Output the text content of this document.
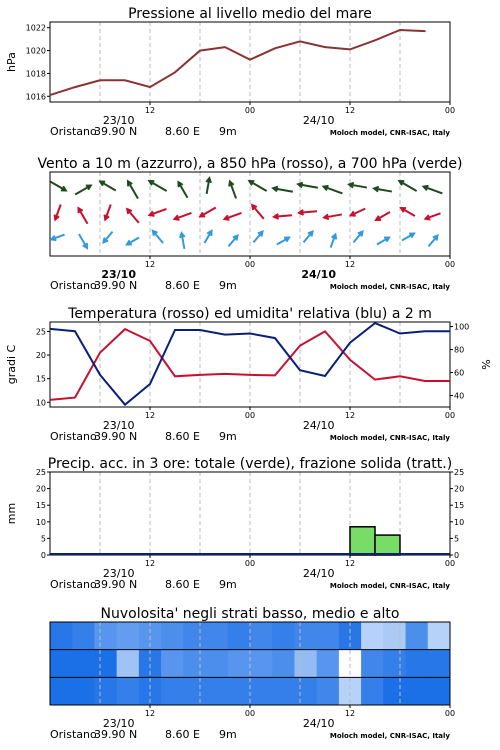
Pressione al livello medio del mare
12	00	12	00
23/10	24/10
Oristano
39.90 N	8.60 E 9m	Moloch model, CNR-ISAC, Italy
1016
1018
1020
1022
hPa
Vento a 10 m (azzurro), a 850 hPa (rosso), a 700 hPa (verde)
12	00	12	00
23/10	24/10
Oristano
39.90 N	8.60 E 9m	Moloch model, CNR-ISAC, Italy
Temperatura (rosso) ed umidita' relativa (blu) a 2 m
12	00	12	00
23/10	24/10
Oristano
39.90 N	8.60 E 9m	Moloch model, CNR-ISAC, Italy
10
15
20
25
40
60
80
100
gradi C	%
Precip. acc. in 3 ore: totale (verde), frazione solida (tratt.)
12	00	12	00
23/10	24/10
Oristano
39.90 N	8.60 E 9m	Moloch model, CNR-ISAC, Italy
0	0
5	5
10	10
15	15
20	20
25	25
mm
Nuvolosita' negli strati basso, medio e alto
12	00	12	00
23/10	24/10
Oristano
39.90 N	8.60 E 9m	Moloch model, CNR-ISAC, Italy
